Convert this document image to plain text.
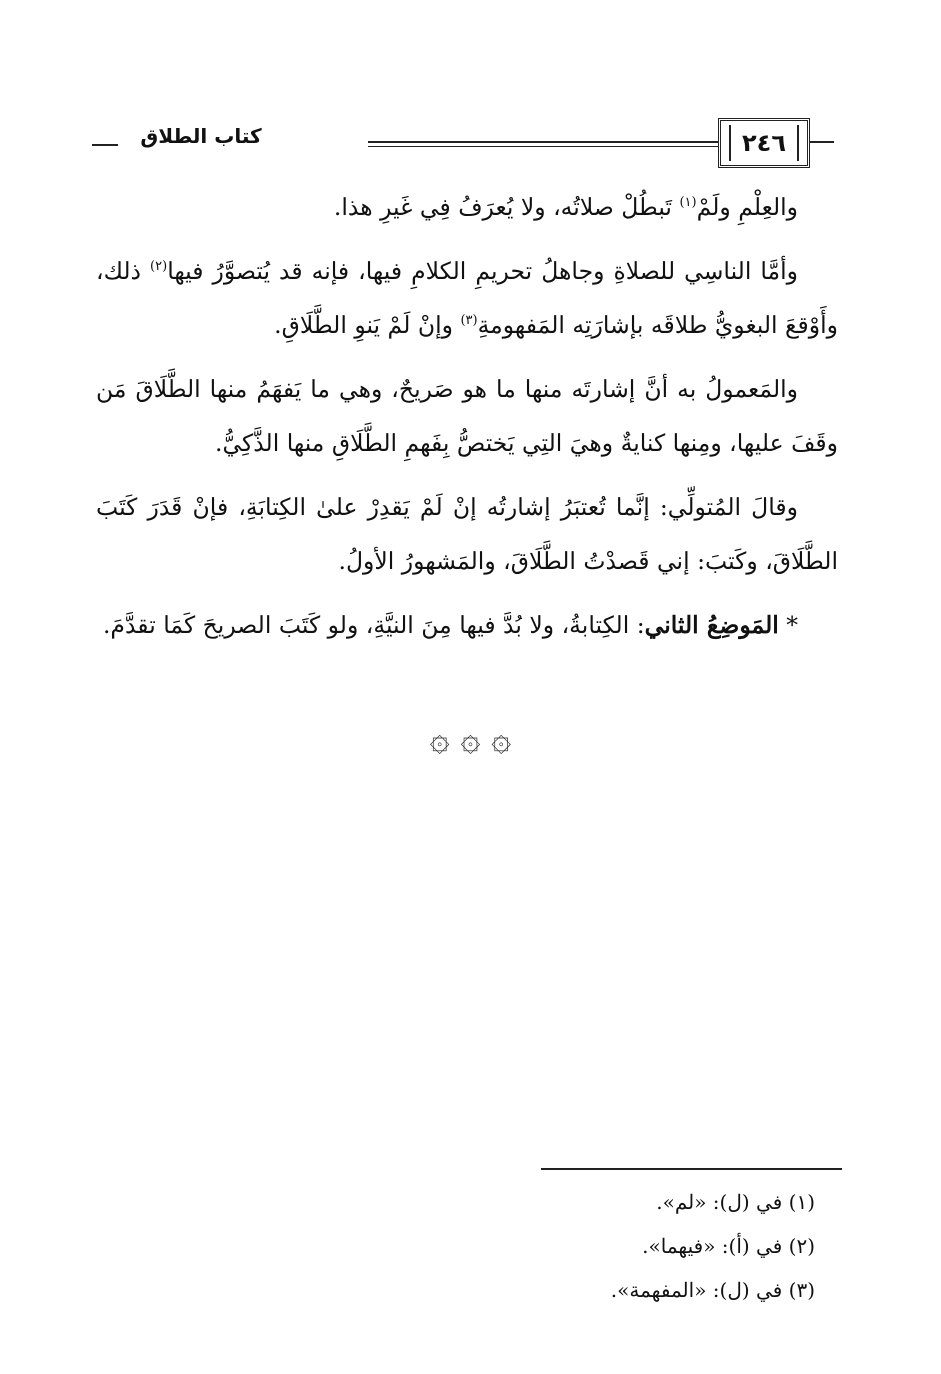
٢٤٦
كتاب الطلاق

والعِلْمِ ولَمْ$^{(١)}$ تَبطُلْ صلاتُه، ولا يُعرَفُ فِي غَيرِ هذا.

وأمَّا الناسِي للصلاةِ وجاهلُ تحريمِ الكلامِ فيها، فإنه قد يُتصوَّرُ فيها$^{(٢)}$ ذلك، وأَوْقعَ البغويُّ طلاقَه بإشارَتِه المَفهومةِ$^{(٣)}$ وإنْ لَمْ يَنوِ الطَّلَاقِ.

والمَعمولُ به أنَّ إشارتَه منها ما هو صَريحٌ، وهي ما يَفهَمُ منها الطَّلَاقَ مَن وقَفَ عليها، ومِنها كنايةٌ وهيَ التِي يَختصُّ بِفَهمِ الطَّلَاقِ منها الذَّكِيُّ.

وقالَ المُتولِّي: إنَّما تُعتبَرُ إشارتُه إنْ لَمْ يَقدِرْ علىٰ الكِتابَةِ، فإنْ قَدَرَ كَتَبَ الطَّلَاقَ، وكَتبَ: إني قَصدْتُ الطَّلَاقَ، والمَشهورُ الأولُ.

* المَوضِعُ الثاني: الكِتابةُ، ولا بُدَّ فيها مِنَ النيَّةِ، ولو كَتَبَ الصريحَ كَمَا تقدَّمَ.

۞ ۞ ۞
(١) في (ل): «لم».
(٢) في (أ): «فيهما».
(٣) في (ل): «المفهمة».
